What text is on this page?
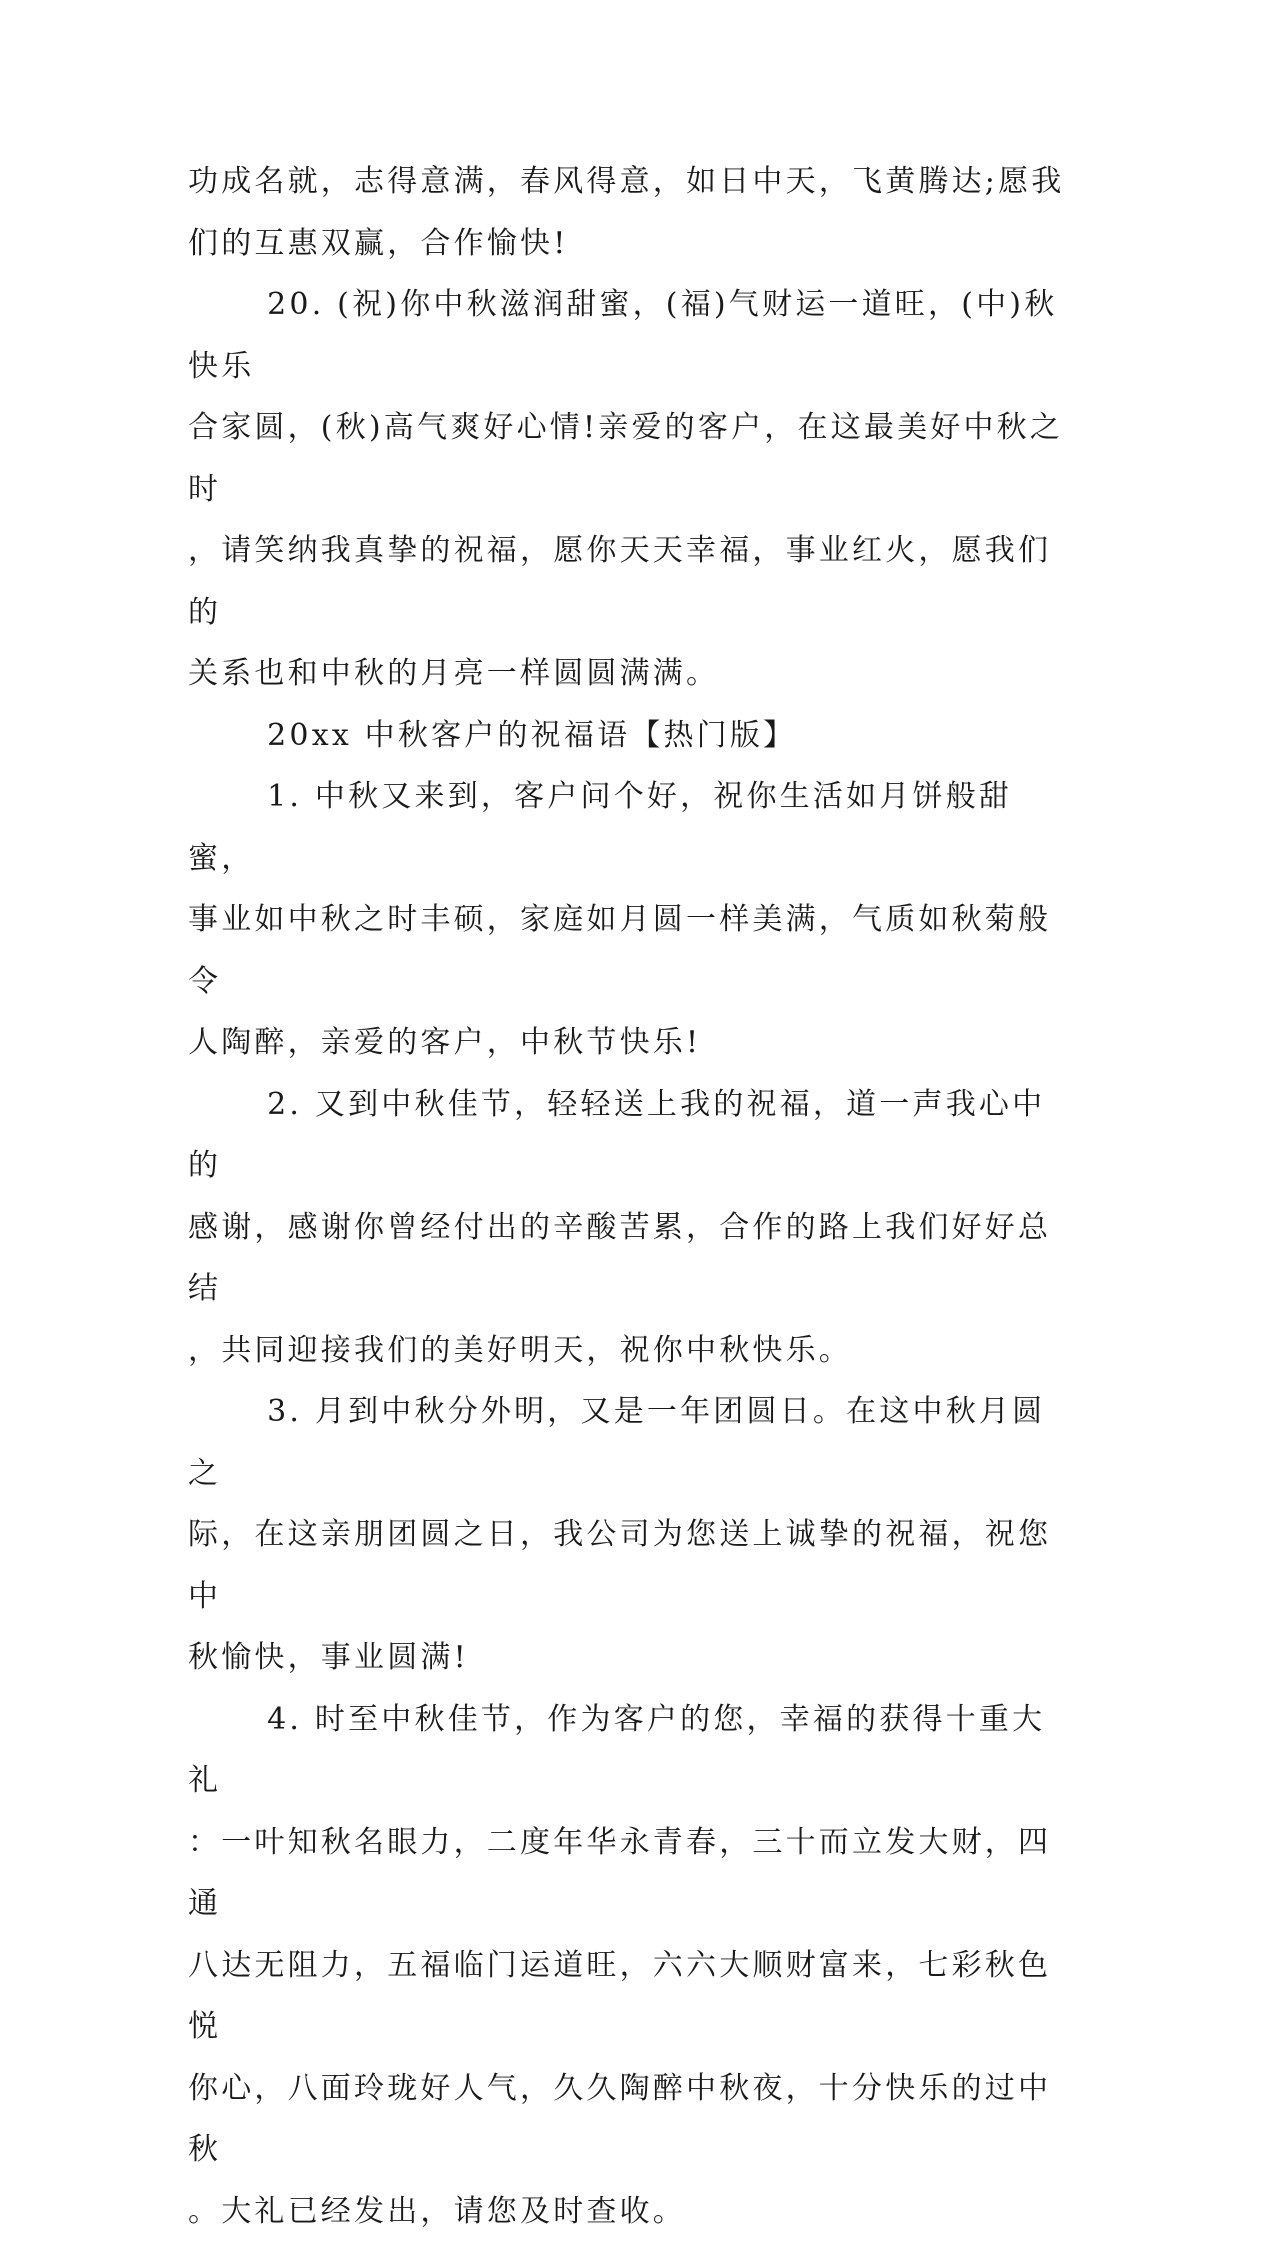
功成名就，志得意满，春风得意，如日中天，飞黄腾达;愿我
们的互惠双赢，合作愉快!

　　 20. (祝)你中秋滋润甜蜜，(福)气财运一道旺，(中)秋快乐
合家圆，(秋)高气爽好心情!亲爱的客户，在这最美好中秋之时
，请笑纳我真挚的祝福，愿你天天幸福，事业红火，愿我们的
关系也和中秋的月亮一样圆圆满满。

　　 20xx 中秋客户的祝福语【热门版】

　　 1. 中秋又来到，客户问个好，祝你生活如月饼般甜蜜，
事业如中秋之时丰硕，家庭如月圆一样美满，气质如秋菊般令
人陶醉，亲爱的客户，中秋节快乐!

　　 2. 又到中秋佳节，轻轻送上我的祝福，道一声我心中的
感谢，感谢你曾经付出的辛酸苦累，合作的路上我们好好总结
，共同迎接我们的美好明天，祝你中秋快乐。

　　 3. 月到中秋分外明，又是一年团圆日。在这中秋月圆之
际，在这亲朋团圆之日，我公司为您送上诚挚的祝福，祝您中
秋愉快，事业圆满!

　　 4. 时至中秋佳节，作为客户的您，幸福的获得十重大礼
：一叶知秋名眼力，二度年华永青春，三十而立发大财，四通
八达无阻力，五福临门运道旺，六六大顺财富来，七彩秋色悦
你心，八面玲珑好人气，久久陶醉中秋夜，十分快乐的过中秋
。大礼已经发出，请您及时查收。
